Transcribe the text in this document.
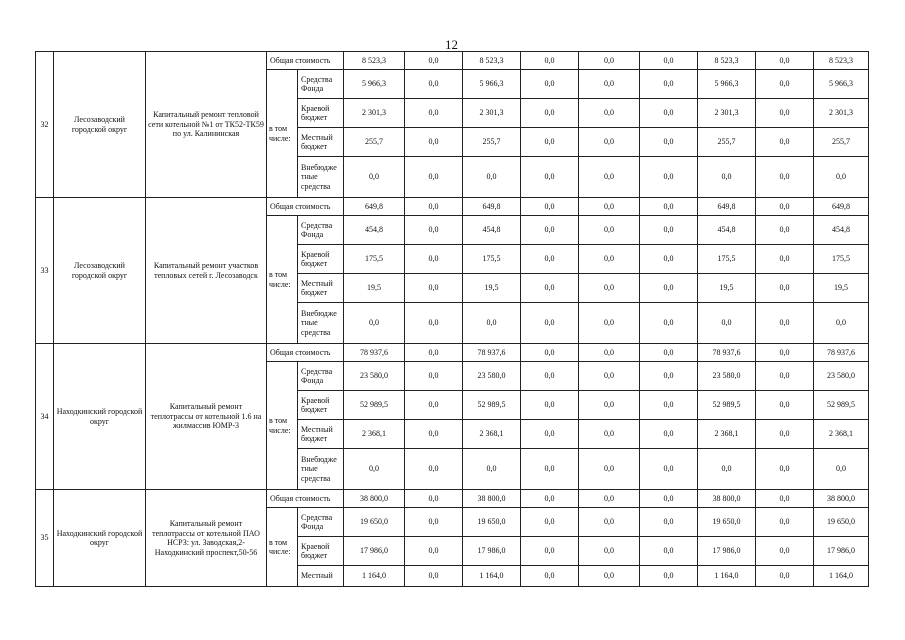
12
32	Лесозаводский городской округ	Капитальный ремонт тепловой сети котельной №1 от ТК52-ТК59 по ул. Калининская	Общая стоимость		8 523,3	0,0	8 523,3	0,0	0,0	0,0	8 523,3	0,0	8 523,3
			в том числе:	Средства Фонда	5 966,3	0,0	5 966,3	0,0	0,0	0,0	5 966,3	0,0	5 966,3
				Краевой бюджет	2 301,3	0,0	2 301,3	0,0	0,0	0,0	2 301,3	0,0	2 301,3
				Местный бюджет	255,7	0,0	255,7	0,0	0,0	0,0	255,7	0,0	255,7
				Внебюдже тные средства	0,0	0,0	0,0	0,0	0,0	0,0	0,0	0,0	0,0
33	Лесозаводский городской округ	Капитальный ремонт участков тепловых сетей г. Лесозаводск	Общая стоимость		649,8	0,0	649,8	0,0	0,0	0,0	649,8	0,0	649,8
			в том числе:	Средства Фонда	454,8	0,0	454,8	0,0	0,0	0,0	454,8	0,0	454,8
				Краевой бюджет	175,5	0,0	175,5	0,0	0,0	0,0	175,5	0,0	175,5
				Местный бюджет	19,5	0,0	19,5	0,0	0,0	0,0	19,5	0,0	19,5
				Внебюдже тные средства	0,0	0,0	0,0	0,0	0,0	0,0	0,0	0,0	0,0
34	Находкинский городской округ	Капитальный ремонт теплотрассы от котельной 1.6 на жилмассив ЮМР-3	Общая стоимость		78 937,6	0,0	78 937,6	0,0	0,0	0,0	78 937,6	0,0	78 937,6
			в том числе:	Средства Фонда	23 580,0	0,0	23 580,0	0,0	0,0	0,0	23 580,0	0,0	23 580,0
				Краевой бюджет	52 989,5	0,0	52 989,5	0,0	0,0	0,0	52 989,5	0,0	52 989,5
				Местный бюджет	2 368,1	0,0	2 368,1	0,0	0,0	0,0	2 368,1	0,0	2 368,1
				Внебюдже тные средства	0,0	0,0	0,0	0,0	0,0	0,0	0,0	0,0	0,0
35	Находкинский городской округ	Капитальный ремонт теплотрассы от котельной ПАО НСРЗ: ул. Заводская,2-Находкинский проспект,50-56	Общая стоимость		38 800,0	0,0	38 800,0	0,0	0,0	0,0	38 800,0	0,0	38 800,0
			в том числе:	Средства Фонда	19 650,0	0,0	19 650,0	0,0	0,0	0,0	19 650,0	0,0	19 650,0
				Краевой бюджет	17 986,0	0,0	17 986,0	0,0	0,0	0,0	17 986,0	0,0	17 986,0
				Местный	1 164,0	0,0	1 164,0	0,0	0,0	0,0	1 164,0	0,0	1 164,0
